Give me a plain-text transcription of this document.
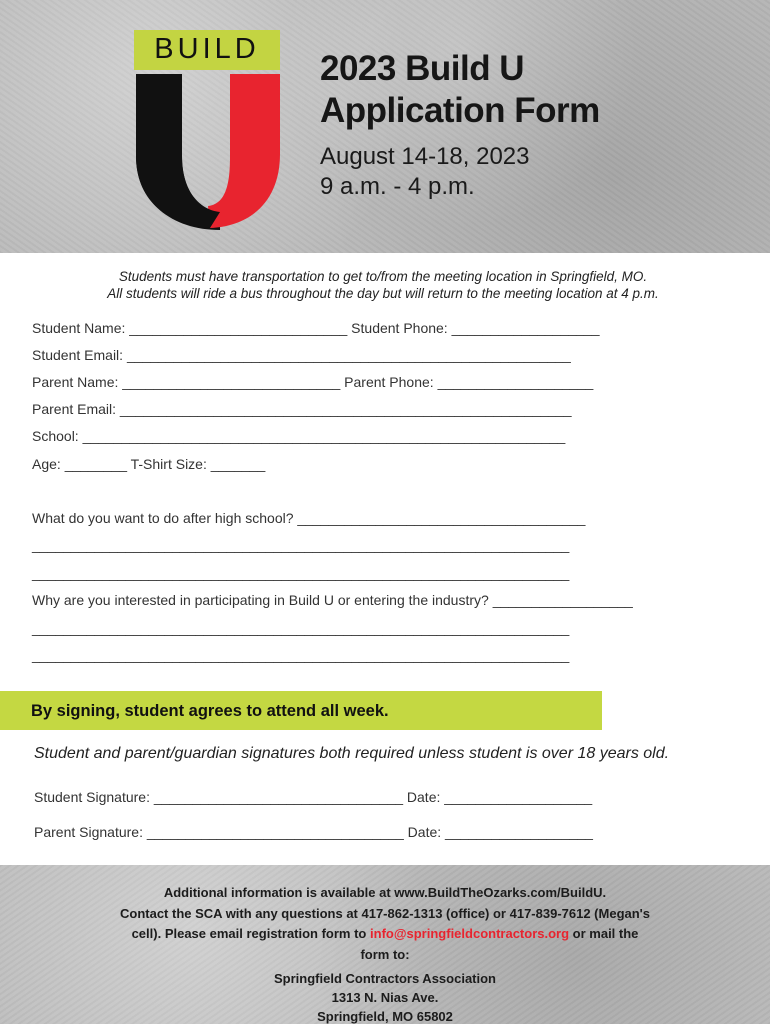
BUILD	2023 Build U
Application Form
August 14-18, 2023
9 a.m. - 4 p.m.
Students must have transportation to get to/from the meeting location in Springfield, MO.
All students will ride a bus throughout the day but will return to the meeting location at 4 p.m.
Student Name: ____________________________ Student Phone: ___________________
Student Email: _________________________________________________________
Parent Name: ____________________________ Parent Phone: ____________________
Parent Email: __________________________________________________________
School: ______________________________________________________________
Age: ________ T-Shirt Size: _______
What do you want to do after high school? _____________________________________
_____________________________________________________________________
_____________________________________________________________________
Why are you interested in participating in Build U or entering the industry? __________________
_____________________________________________________________________
_____________________________________________________________________
By signing, student agrees to attend all week.
Student and parent/guardian signatures both required unless student is over 18 years old.
Student Signature: ________________________________ Date: ___________________
Parent Signature: _________________________________ Date: ___________________
Additional information is available at www.BuildTheOzarks.com/BuildU.
Contact the SCA with any questions at 417-862-1313 (office) or 417-839-7612 (Megan's
cell). Please email registration form to info@springfieldcontractors.org or mail the
form to:
Springfield Contractors Association
1313 N. Nias Ave.
Springfield, MO 65802
